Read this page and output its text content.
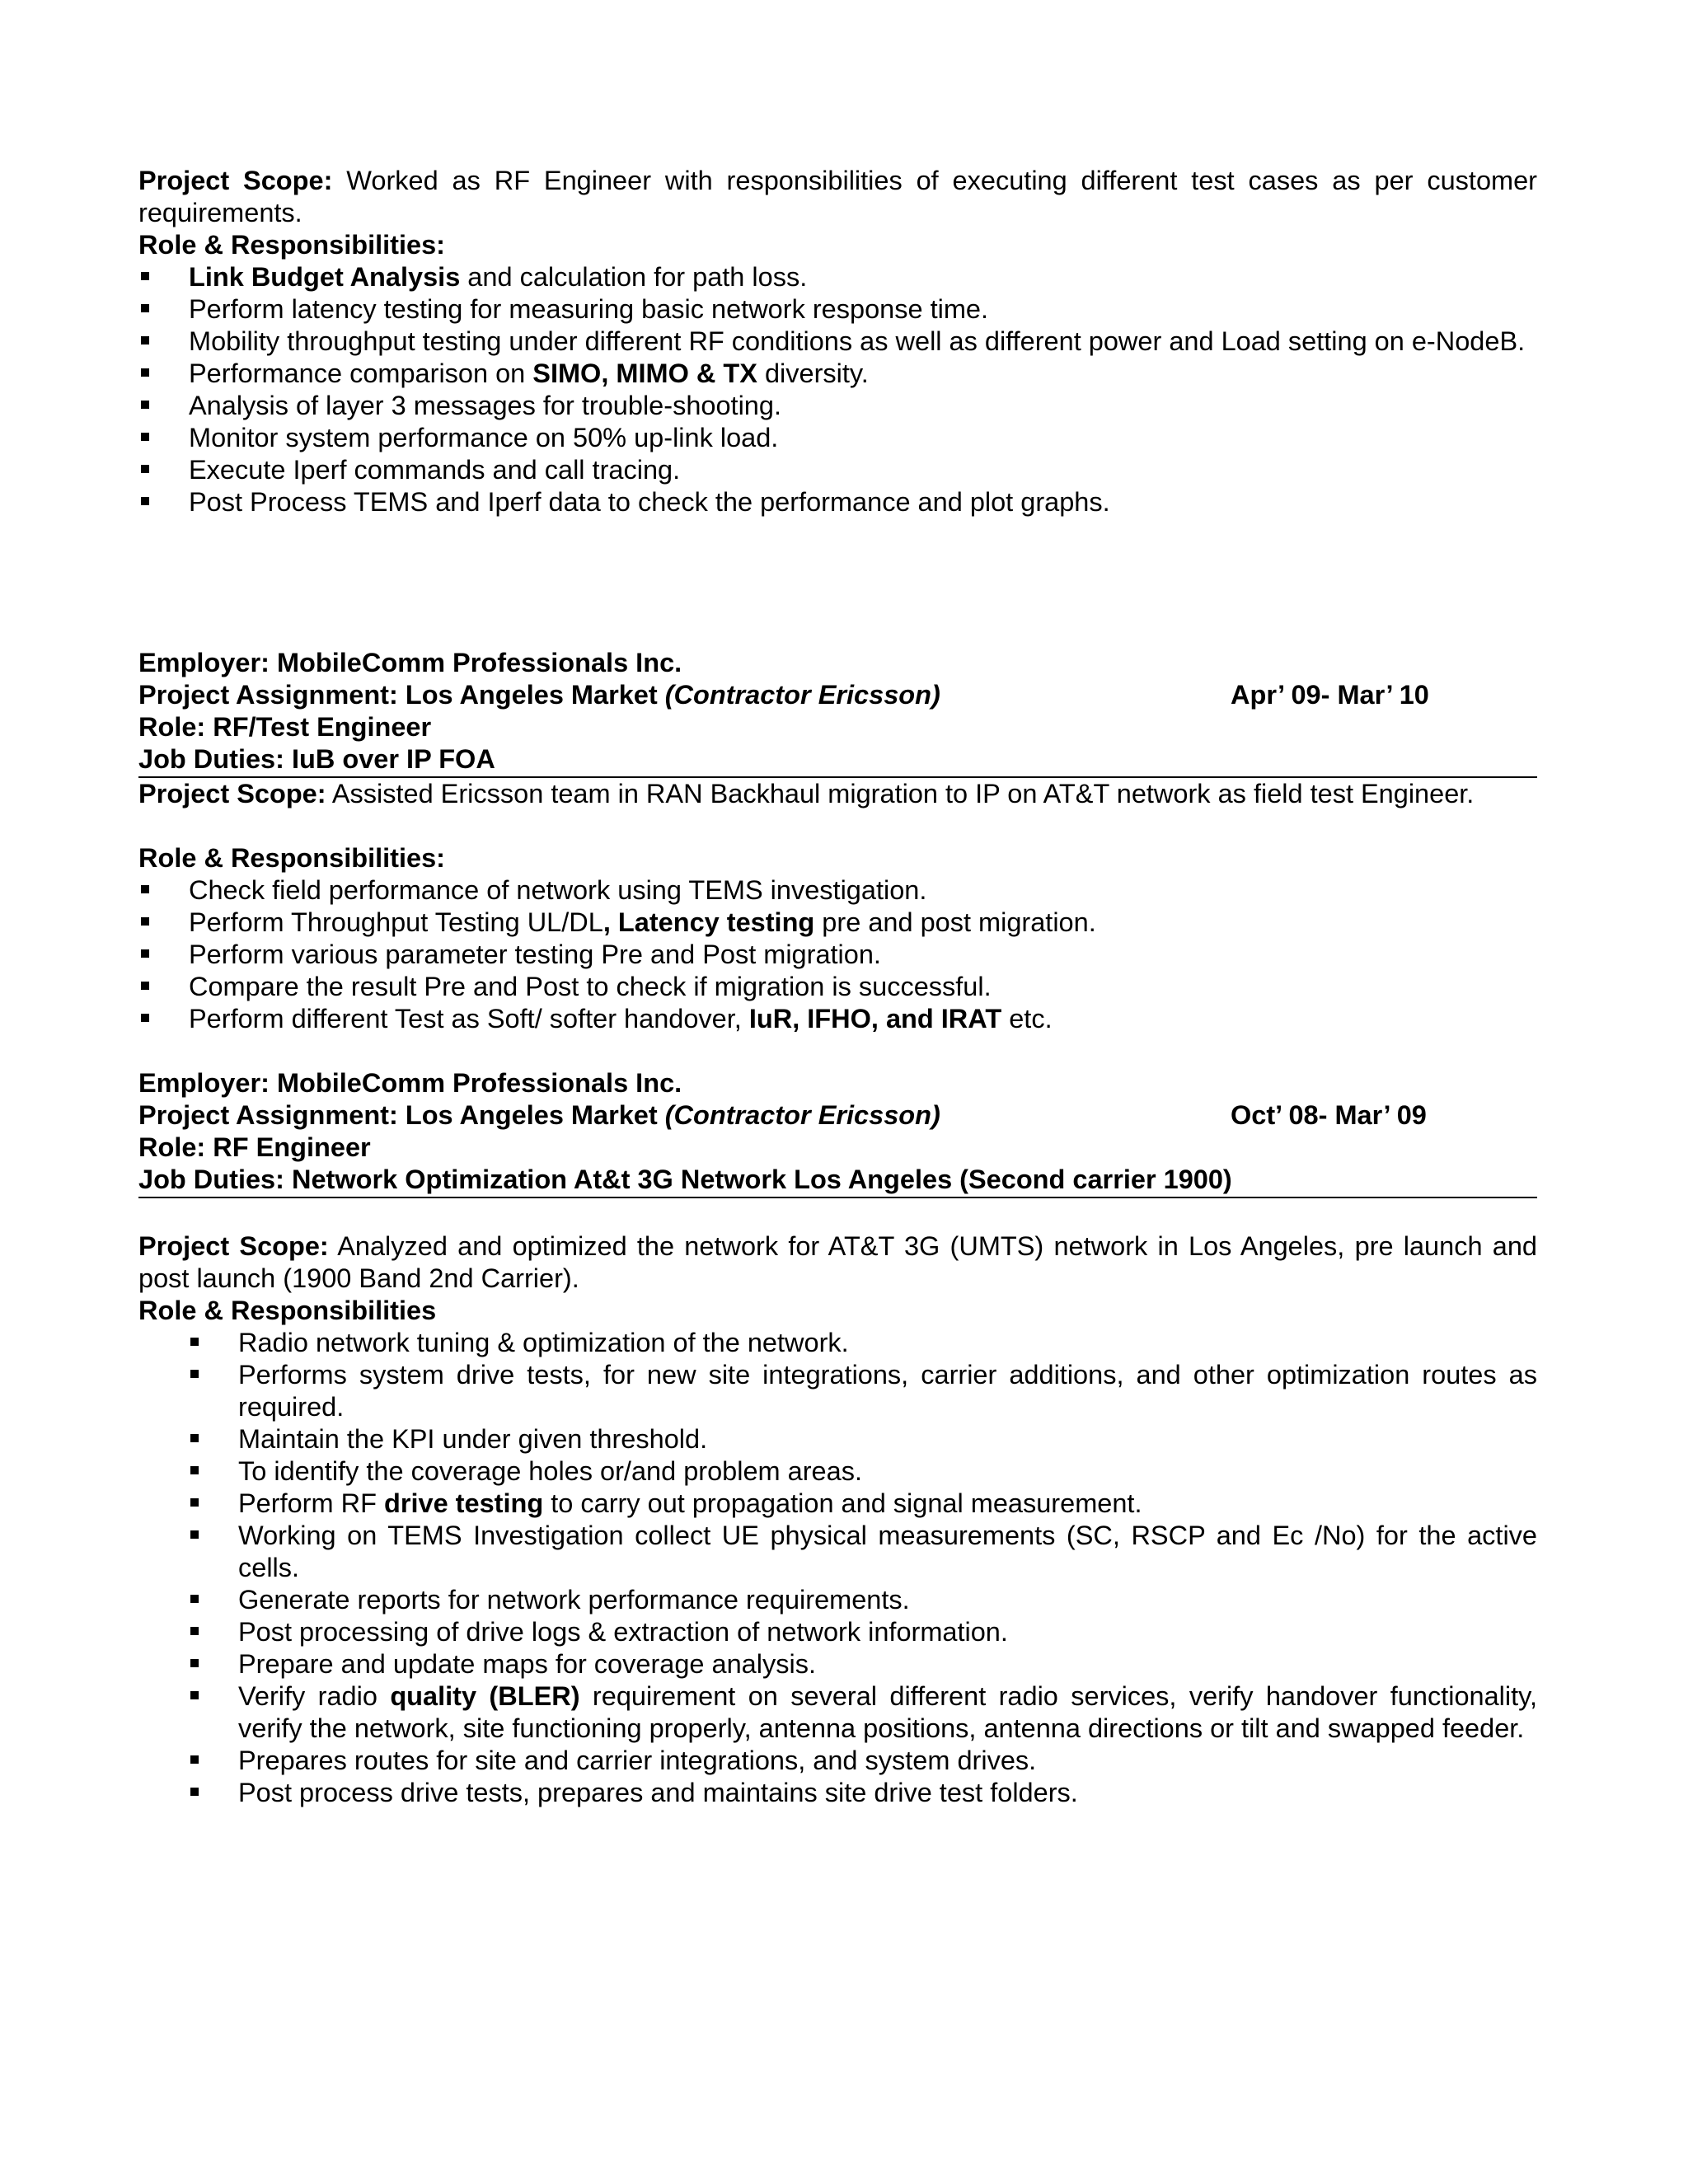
Project Scope: Worked as RF Engineer with responsibilities of executing different test cases as per customer requirements.

Role & Responsibilities:

Link Budget Analysis and calculation for path loss.
Perform latency testing for measuring basic network response time.
Mobility throughput testing under different RF conditions as well as different power and Load setting on e-NodeB.
Performance comparison on SIMO, MIMO & TX diversity.
Analysis of layer 3 messages for trouble-shooting.
Monitor system performance on 50% up-link load.
Execute Iperf commands and call tracing.
Post Process TEMS and Iperf data to check the performance and plot graphs.

Employer: MobileComm Professionals Inc.

Project Assignment: Los Angeles Market (Contractor Ericsson)	Apr’ 09- Mar’ 10

Role: RF/Test Engineer

Job Duties: IuB over IP FOA

Project Scope: Assisted Ericsson team in RAN Backhaul migration to IP on AT&T network as field test Engineer.

Role & Responsibilities:

Check field performance of network using TEMS investigation.
Perform Throughput Testing UL/DL, Latency testing pre and post migration.
Perform various parameter testing Pre and Post migration.
Compare the result Pre and Post to check if migration is successful.
Perform different Test as Soft/ softer handover, IuR, IFHO, and IRAT etc.

Employer: MobileComm Professionals Inc.

Project Assignment: Los Angeles Market (Contractor Ericsson)	Oct’ 08- Mar’ 09

Role: RF Engineer

Job Duties: Network Optimization At&t 3G Network Los Angeles (Second carrier 1900)

Project Scope: Analyzed and optimized the network for AT&T 3G (UMTS) network in Los Angeles, pre launch and post launch (1900 Band 2nd Carrier).

Role & Responsibilities

Radio network tuning & optimization of the network.
Performs system drive tests, for new site integrations, carrier additions, and other optimization routes as required.
Maintain the KPI under given threshold.
To identify the coverage holes or/and problem areas.
Perform RF drive testing to carry out propagation and signal measurement.
Working on TEMS Investigation collect UE physical measurements (SC, RSCP and Ec /No) for the active cells.
Generate reports for network performance requirements.
Post processing of drive logs & extraction of network information.
Prepare and update maps for coverage analysis.
Verify radio quality (BLER) requirement on several different radio services, verify handover functionality, verify the network, site functioning properly, antenna positions, antenna directions or tilt and swapped feeder.
Prepares routes for site and carrier integrations, and system drives.
Post process drive tests, prepares and maintains site drive test folders.
